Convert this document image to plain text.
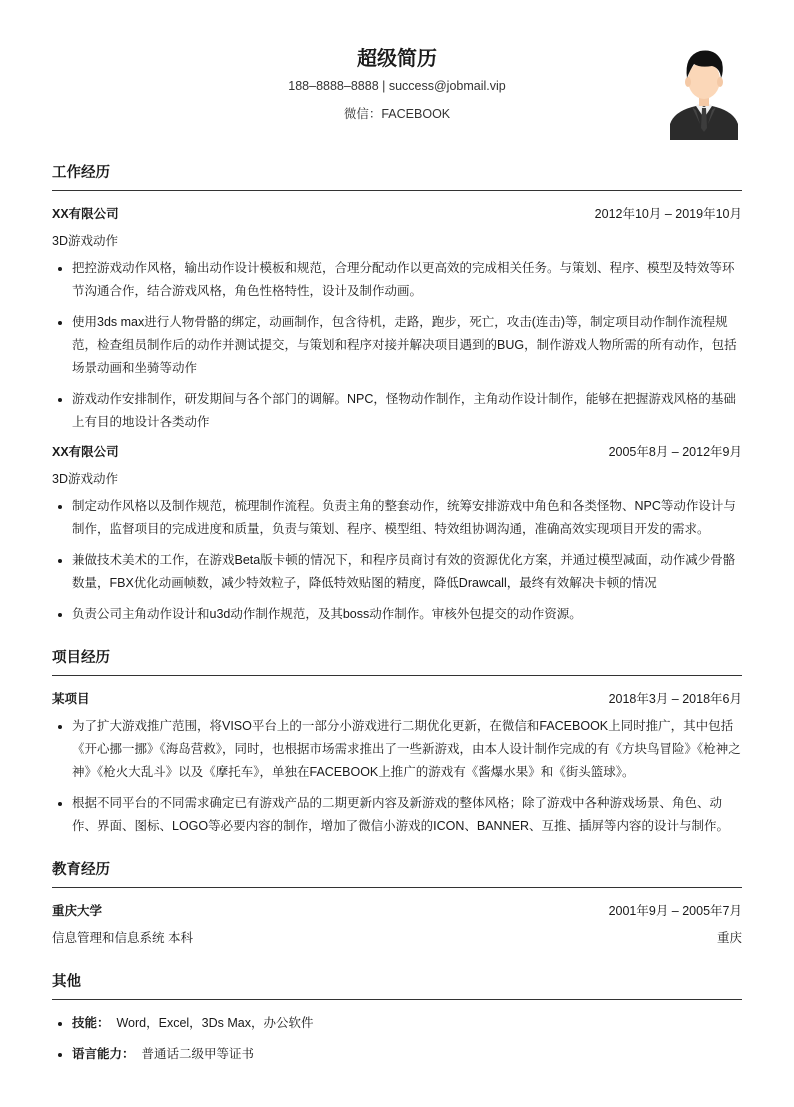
超级简历
188–8888–8888 | success@jobmail.vip
微信：FACEBOOK
工作经历
XX有限公司	2012年10月 – 2019年10月
3D游戏动作
• 把控游戏动作风格，输出动作设计模板和规范，合理分配动作以更高效的完成相关任务。与策划、程序、模型及特效等环节沟通合作，结合游戏风格，角色性格特性，设计及制作动画。
• 使用3ds max进行人物骨骼的绑定，动画制作，包含待机，走路，跑步，死亡，攻击(连击)等，制定项目动作制作流程规范，检查组员制作后的动作并测试提交，与策划和程序对接并解决项目遇到的BUG，制作游戏人物所需的所有动作，包括场景动画和坐骑等动作
• 游戏动作安排制作，研发期间与各个部门的调解。NPC，怪物动作制作，主角动作设计制作，能够在把握游戏风格的基础上有目的地设计各类动作
XX有限公司	2005年8月 – 2012年9月
3D游戏动作
• 制定动作风格以及制作规范，梳理制作流程。负责主角的整套动作，统筹安排游戏中角色和各类怪物、NPC等动作设计与制作，监督项目的完成进度和质量，负责与策划、程序、模型组、特效组协调沟通，准确高效实现项目开发的需求。
• 兼做技术美术的工作，在游戏Beta版卡顿的情况下，和程序员商讨有效的资源优化方案，并通过模型减面，动作减少骨骼数量，FBX优化动画帧数，减少特效粒子，降低特效贴图的精度，降低Drawcall，最终有效解决卡顿的情况
• 负责公司主角动作设计和u3d动作制作规范，及其boss动作制作。审核外包提交的动作资源。
项目经历
某项目	2018年3月 – 2018年6月
• 为了扩大游戏推广范围，将VISO平台上的一部分小游戏进行二期优化更新，在微信和FACEBOOK上同时推广，其中包括《开心挪一挪》《海岛营救》，同时，也根据市场需求推出了一些新游戏，由本人设计制作完成的有《方块鸟冒险》《枪神之神》《枪火大乱斗》以及《摩托车》，单独在FACEBOOK上推广的游戏有《酱爆水果》和《街头篮球》。
• 根据不同平台的不同需求确定已有游戏产品的二期更新内容及新游戏的整体风格；除了游戏中各种游戏场景、角色、动作、界面、图标、LOGO等必要内容的制作，增加了微信小游戏的ICON、BANNER、互推、插屏等内容的设计与制作。
教育经历
重庆大学	2001年9月 – 2005年7月
信息管理和信息系统 本科	重庆
其他
• 技能： Word，Excel，3Ds Max，办公软件
• 语言能力： 普通话二级甲等证书
